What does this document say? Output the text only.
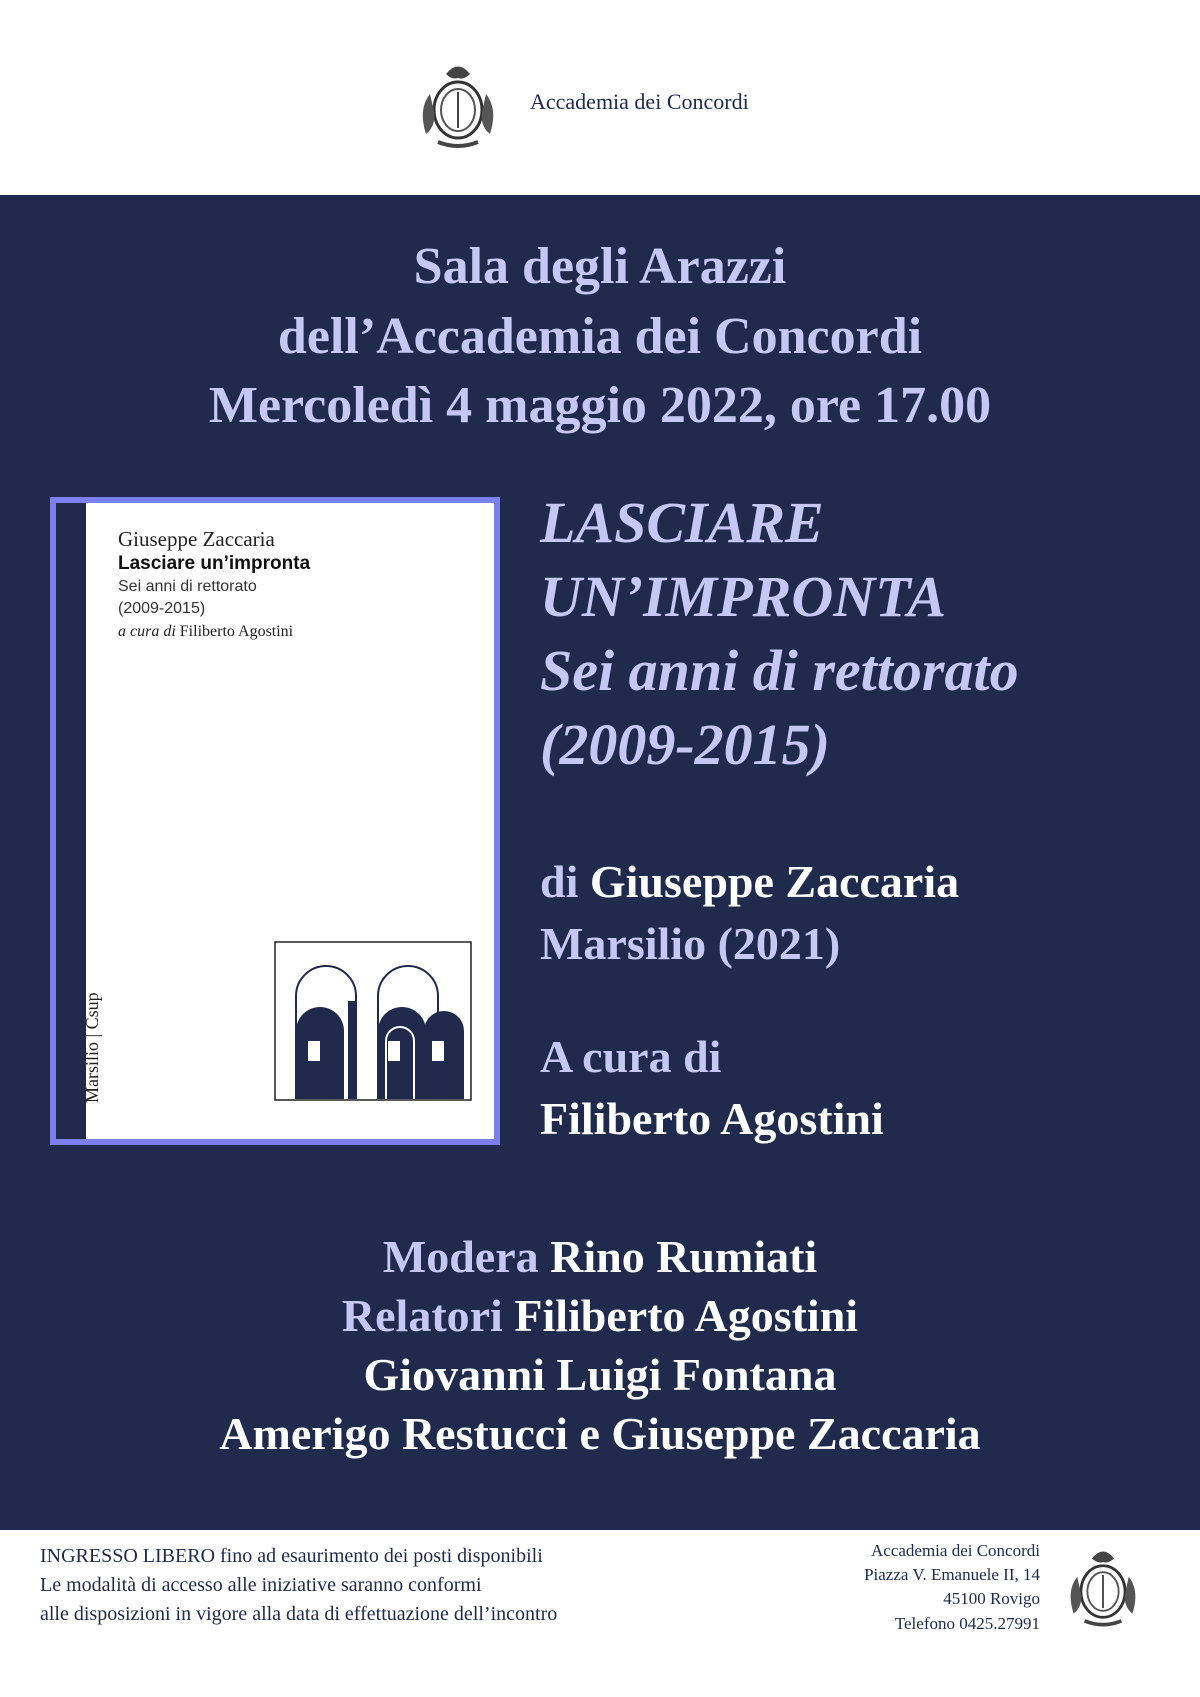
Accademia dei Concordi
Sala degli Arazzi
dell’Accademia dei Concordi
Mercoledì 4 maggio 2022, ore 17.00
Giuseppe Zaccaria
Lasciare un’impronta
Sei anni di rettorato
(2009-2015)
a cura di Filiberto Agostini
Marsilio | Csup
LASCIARE
UN’IMPRONTA
Sei anni di rettorato
(2009-2015)
di Giuseppe Zaccaria
Marsilio (2021)
A cura di
Filiberto Agostini
Modera Rino Rumiati
Relatori Filiberto Agostini
Giovanni Luigi Fontana
Amerigo Restucci e Giuseppe Zaccaria
INGRESSO LIBERO fino ad esaurimento dei posti disponibili
Le modalità di accesso alle iniziative saranno conformi
alle disposizioni in vigore alla data di effettuazione dell’incontro
Accademia dei Concordi
Piazza V. Emanuele II, 14
45100 Rovigo
Telefono 0425.27991
